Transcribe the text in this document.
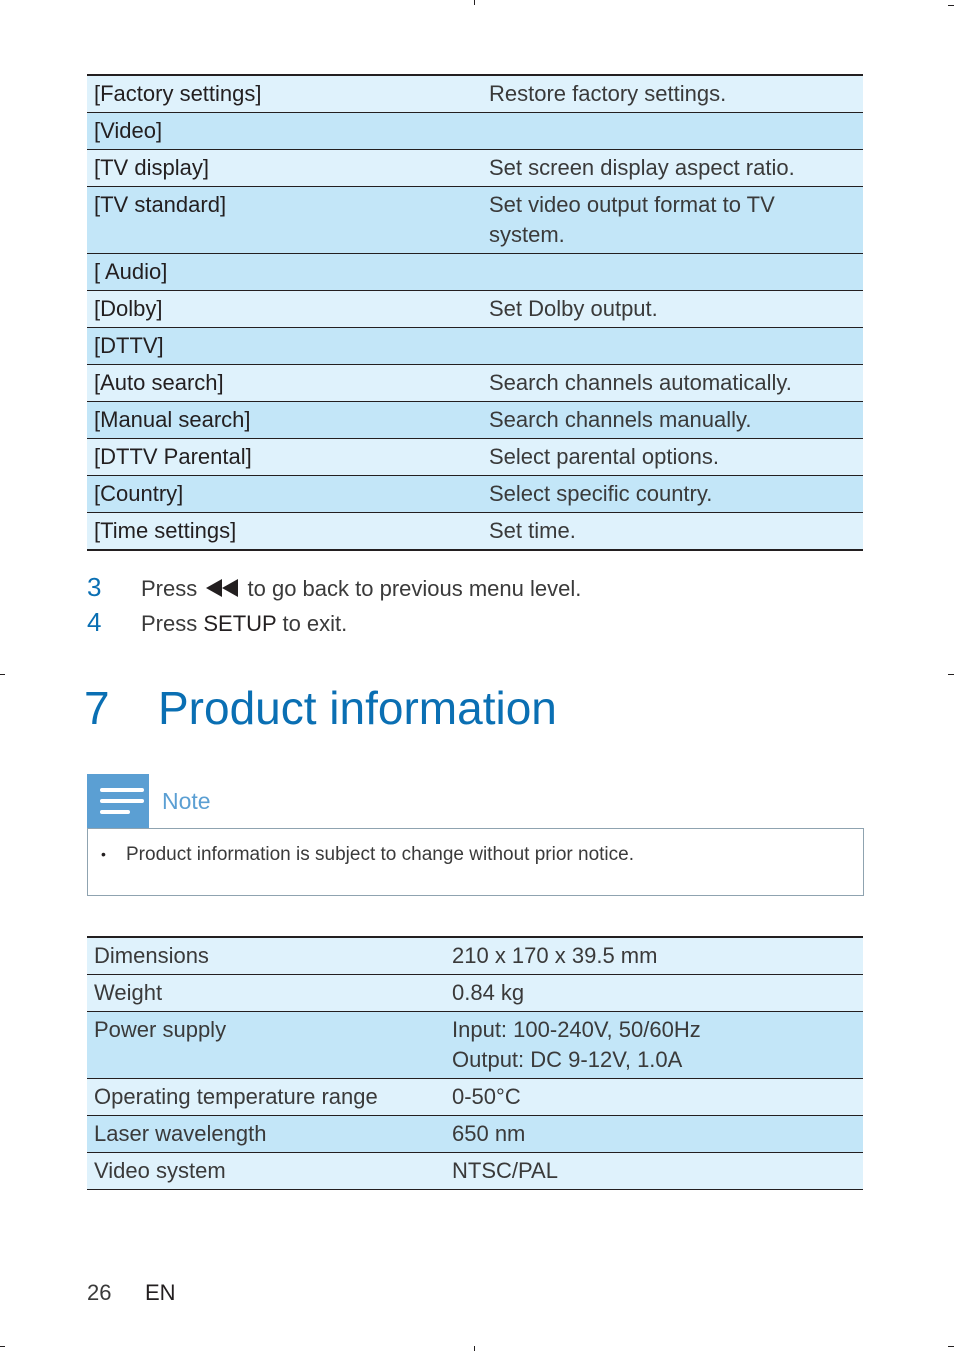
[Factory settings]	Restore factory settings.
[Video]	
[TV display]	Set screen display aspect ratio.
[TV standard]	Set video output format to TV system.
[ Audio]	
[Dolby]	Set Dolby output.
[DTTV]	
[Auto search]	Search channels automatically.
[Manual search]	Search channels manually.
[DTTV Parental]	Select parental options.
[Country]	Select specific country.
[Time settings]	Set time.
3 Press to go back to previous menu level.
4 Press SETUP to exit.
7 Product information
Note
• Product information is subject to change without prior notice.
Dimensions	210 x 170 x 39.5 mm
Weight	0.84 kg
Power supply	Input: 100-240V, 50/60Hz
Output: DC 9-12V, 1.0A

Operating temperature range	0-50°C
Laser wavelength	650 nm
Video system	NTSC/PAL
26 EN
